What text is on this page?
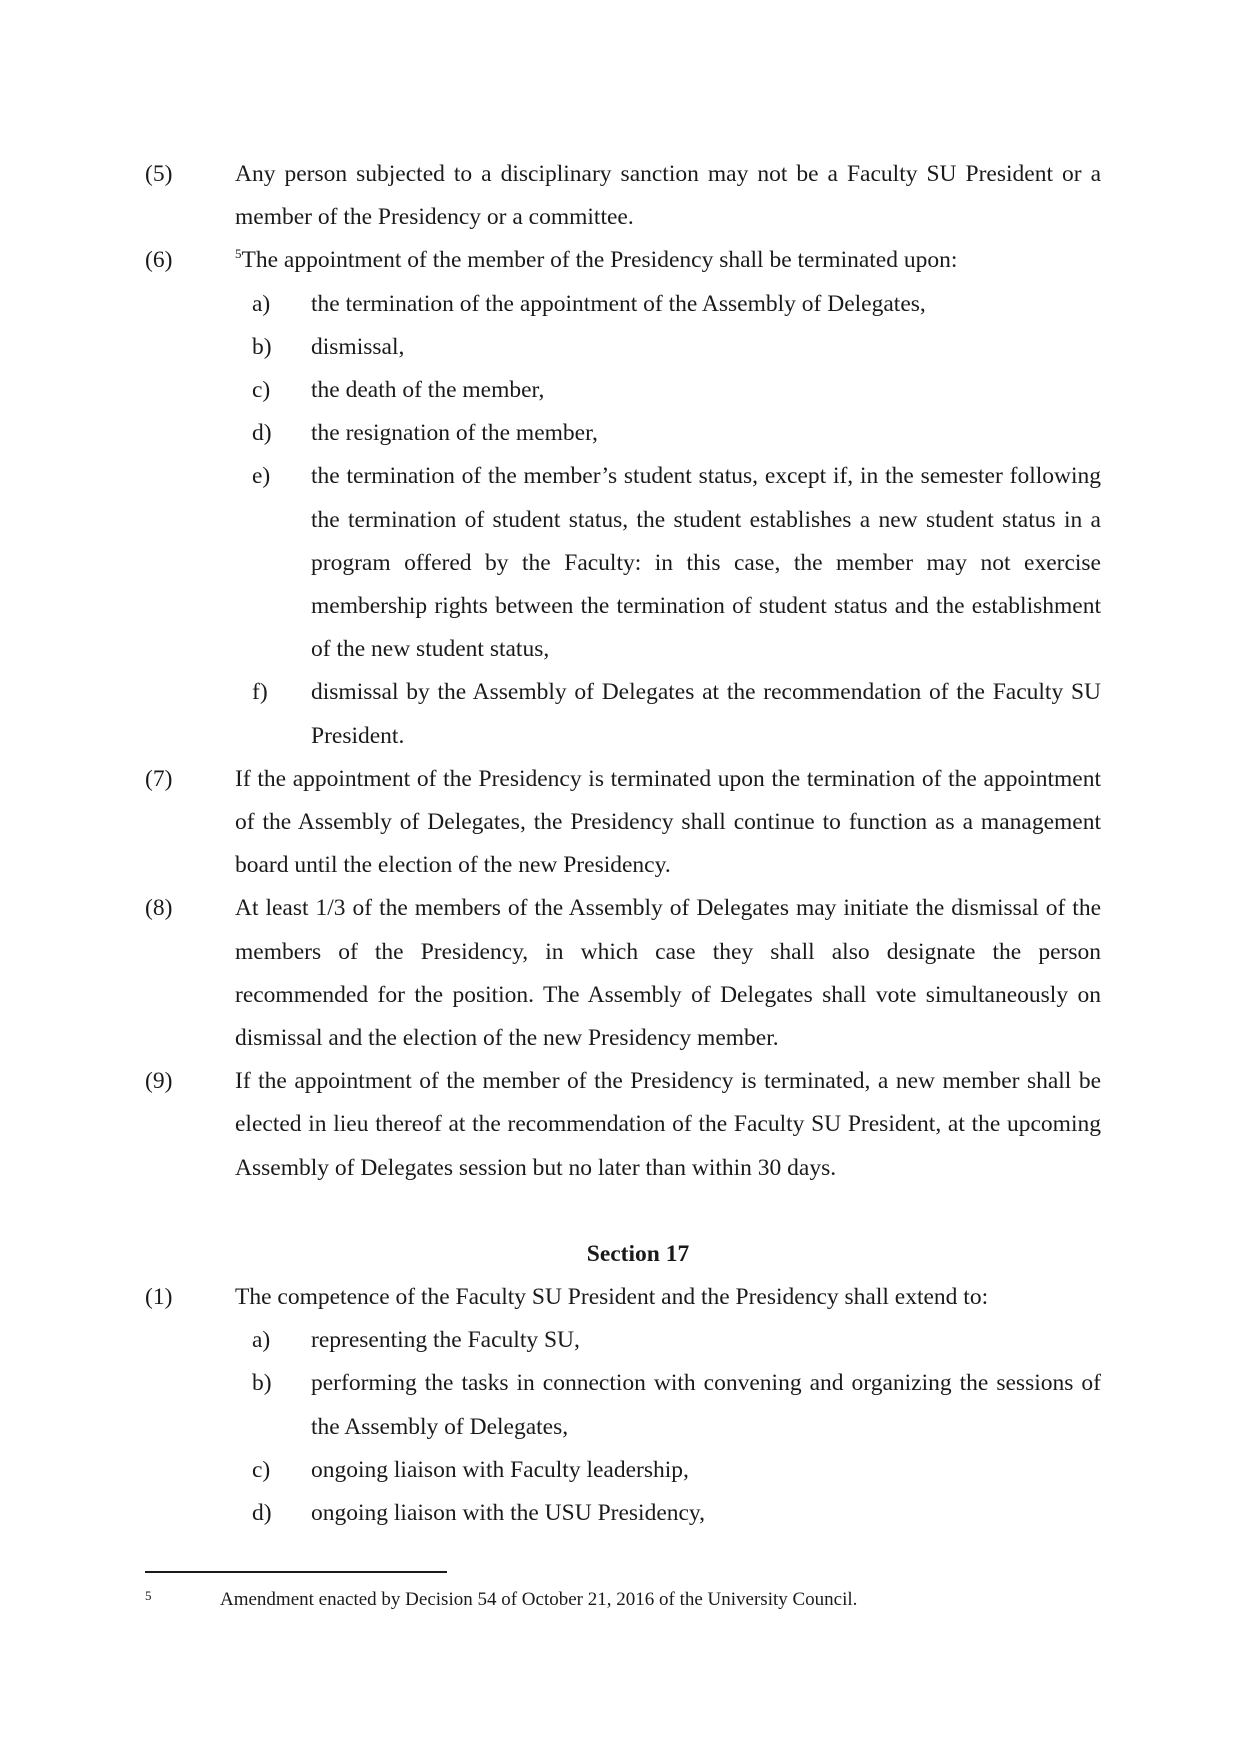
(5)	Any person subjected to a disciplinary sanction may not be a Faculty SU President or a member of the Presidency or a committee.
(6)	$^5$The appointment of the member of the Presidency shall be terminated upon:
a) the termination of the appointment of the Assembly of Delegates,
b) dismissal,
c) the death of the member,
d) the resignation of the member,
e) the termination of the member’s student status, except if, in the semester following the termination of student status, the student establishes a new student status in a program offered by the Faculty: in this case, the member may not exercise membership rights between the termination of student status and the establishment of the new student status,
f) dismissal by the Assembly of Delegates at the recommendation of the Faculty SU President.
(7)	If the appointment of the Presidency is terminated upon the termination of the appointment of the Assembly of Delegates, the Presidency shall continue to function as a management board until the election of the new Presidency.
(8)	At least 1/3 of the members of the Assembly of Delegates may initiate the dismissal of the members of the Presidency, in which case they shall also designate the person recommended for the position. The Assembly of Delegates shall vote simultaneously on dismissal and the election of the new Presidency member.
(9)	If the appointment of the member of the Presidency is terminated, a new member shall be elected in lieu thereof at the recommendation of the Faculty SU President, at the upcoming Assembly of Delegates session but no later than within 30 days.
Section 17
(1)	The competence of the Faculty SU President and the Presidency shall extend to:
a) representing the Faculty SU,
b) performing the tasks in connection with convening and organizing the sessions of the Assembly of Delegates,
c) ongoing liaison with Faculty leadership,
d) ongoing liaison with the USU Presidency,
5	Amendment enacted by Decision 54 of October 21, 2016 of the University Council.
